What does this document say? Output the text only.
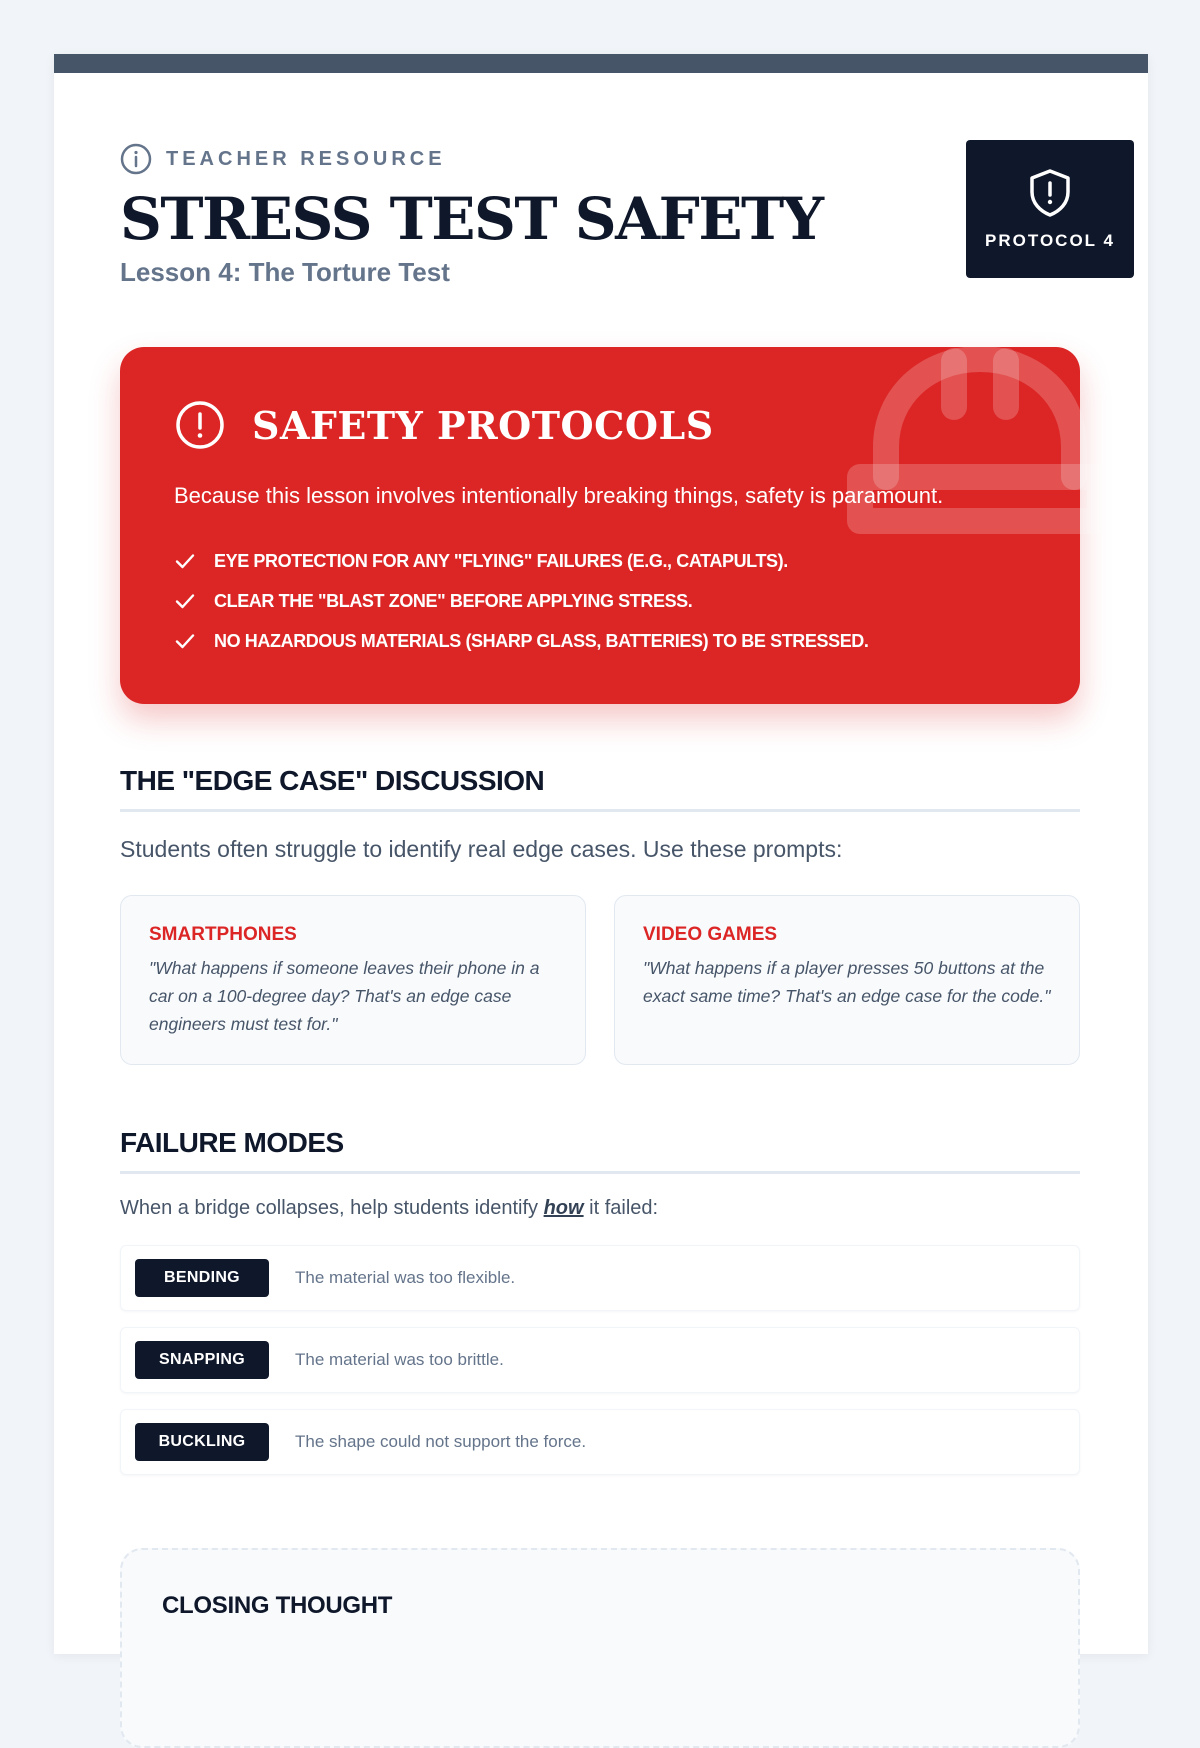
TEACHER RESOURCE
STRESS TEST SAFETY
Lesson 4: The Torture Test
PROTOCOL 4
SAFETY PROTOCOLS

Because this lesson involves intentionally breaking things, safety is paramount.

EYE PROTECTION FOR ANY "FLYING" FAILURES (E.G., CATAPULTS).
CLEAR THE "BLAST ZONE" BEFORE APPLYING STRESS.
NO HAZARDOUS MATERIALS (SHARP GLASS, BATTERIES) TO BE STRESSED.
THE "EDGE CASE" DISCUSSION

Students often struggle to identify real edge cases. Use these prompts:

SMARTPHONES

"What happens if someone leaves their phone in a car on a 100-degree day? That's an edge case engineers must test for."

VIDEO GAMES

"What happens if a player presses 50 buttons at the exact same time? That's an edge case for the code."

FAILURE MODES

When a bridge collapses, help students identify how it failed:

BENDING	The material was too flexible.
SNAPPING	The material was too brittle.
BUCKLING	The shape could not support the force.
CLOSING THOUGHT
